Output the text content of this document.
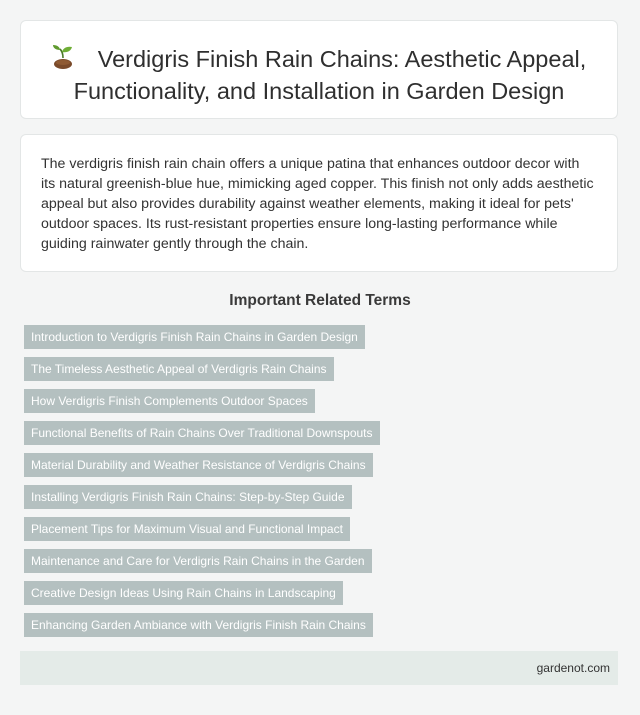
Verdigris Finish Rain Chains: Aesthetic Appeal, Functionality, and Installation in Garden Design

The verdigris finish rain chain offers a unique patina that enhances outdoor decor with its natural greenish-blue hue, mimicking aged copper. This finish not only adds aesthetic appeal but also provides durability against weather elements, making it ideal for pets' outdoor spaces. Its rust-resistant properties ensure long-lasting performance while guiding rainwater gently through the chain.

Important Related Terms
Introduction to Verdigris Finish Rain Chains in Garden Design
The Timeless Aesthetic Appeal of Verdigris Rain Chains
How Verdigris Finish Complements Outdoor Spaces
Functional Benefits of Rain Chains Over Traditional Downspouts
Material Durability and Weather Resistance of Verdigris Chains
Installing Verdigris Finish Rain Chains: Step-by-Step Guide
Placement Tips for Maximum Visual and Functional Impact
Maintenance and Care for Verdigris Rain Chains in the Garden
Creative Design Ideas Using Rain Chains in Landscaping
Enhancing Garden Ambiance with Verdigris Finish Rain Chains
gardenot.com
